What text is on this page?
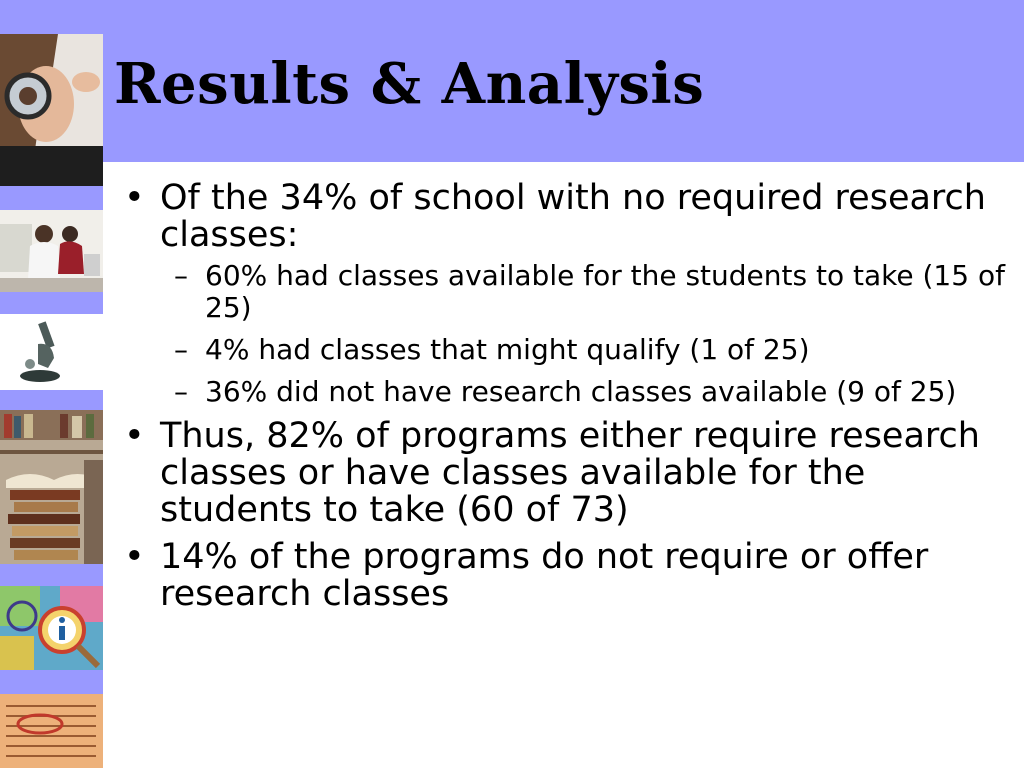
Results & Analysis
• Of the 34% of school with no required research classes:
– 60% had classes available for the students to take (15 of 25)
– 4% had classes that might qualify (1 of 25)
– 36% did not have research classes available (9 of 25)
• Thus, 82% of programs either require research classes or have classes available for the students to take (60 of 73)
• 14% of the programs do not require or offer research classes
